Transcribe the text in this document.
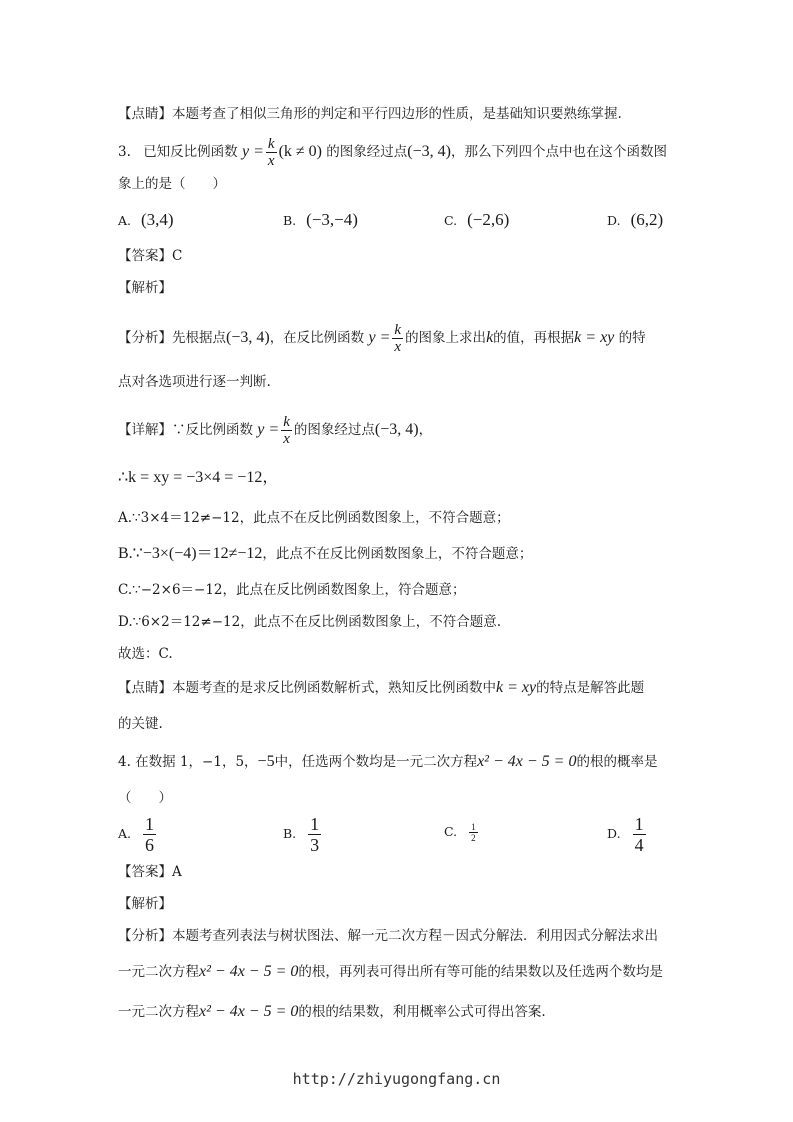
【点睛】本题考查了相似三角形的判定和平行四边形的性质，是基础知识要熟练掌握.
3. 已知反比例函数 $y = \frac{k}{x} (k \ne 0)$ 的图象经过点(−3, 4)，那么下列四个点中也在这个函数图
象上的是（　　）
A. (3,4)	B. (−3,−4)	C. (−2,6)	D. (6,2)
【答案】C
【解析】
【分析】先根据点(−3, 4)，在反比例函数 $y = \frac{k}{x}$ 的图象上求出k的值，再根据k = xy 的特
点对各选项进行逐一判断.
【详解】∵反比例函数 $y = \frac{k}{x}$ 的图象经过点(−3, 4)，
∴k = xy = −3×4 = −12，
A.∵3×4＝12≠−12，此点不在反比例函数图象上，不符合题意；
B.∵−3×(−4)＝12≠−12，此点不在反比例函数图象上，不符合题意；
C.∵−2×6＝−12，此点在反比例函数图象上，符合题意；
D.∵6×2＝12≠−12，此点不在反比例函数图象上，不符合题意.
故选：C.
【点睛】本题考查的是求反比例函数解析式，熟知反比例函数中k = xy的特点是解答此题
的关键.
4. 在数据 1，−1，5，−5中，任选两个数均是一元二次方程x² − 4x − 5 = 0的根的概率是
（　　）
A. $\frac{1}{6}$	B. $\frac{1}{3}$	C. $\frac{1}{2}$	D. $\frac{1}{4}$
【答案】A
【解析】
【分析】本题考查列表法与树状图法、解一元二次方程－因式分解法．利用因式分解法求出
一元二次方程x² − 4x − 5 = 0的根，再列表可得出所有等可能的结果数以及任选两个数均是
一元二次方程x² − 4x − 5 = 0的根的结果数，利用概率公式可得出答案.
http://zhiyugongfang.cn
